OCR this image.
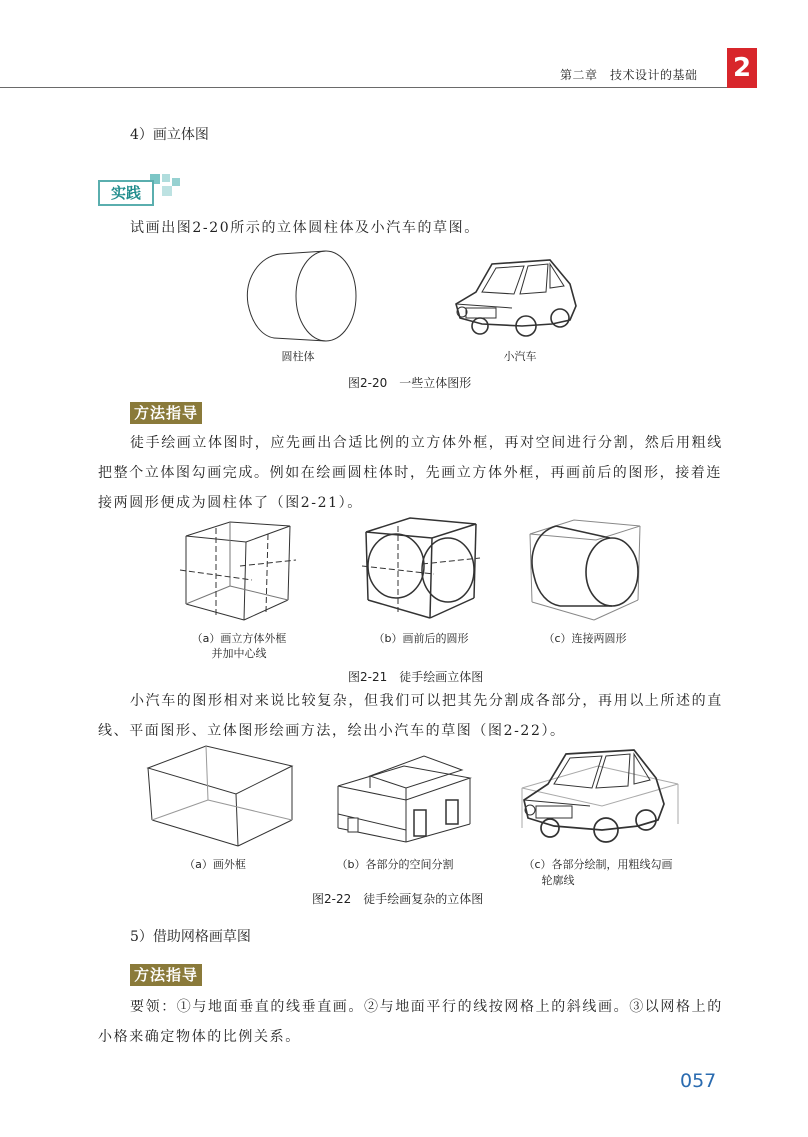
第二章　技术设计的基础 2
4）画立体图
实践
试画出图2-20所示的立体圆柱体及小汽车的草图。
圆柱体	小汽车
图2-20　一些立体图形
方法指导
徒手绘画立体图时，应先画出合适比例的立方体外框，再对空间进行分割，然后用粗线把整个立体图勾画完成。例如在绘画圆柱体时，先画立方体外框，再画前后的图形，接着连接两圆形便成为圆柱体了（图2-21）。
（a）画立方体外框
并加中心线
（b）画前后的圆形	（c）连接两圆形
图2-21　徒手绘画立体图
小汽车的图形相对来说比较复杂，但我们可以把其先分割成各部分，再用以上所述的直线、平面图形、立体图形绘画方法，绘出小汽车的草图（图2-22）。
（a）画外框	（b）各部分的空间分割	（c）各部分绘制，用粗线勾画
轮廓线
图2-22　徒手绘画复杂的立体图
5）借助网格画草图
方法指导
要领：①与地面垂直的线垂直画。②与地面平行的线按网格上的斜线画。③以网格上的小格来确定物体的比例关系。
057
